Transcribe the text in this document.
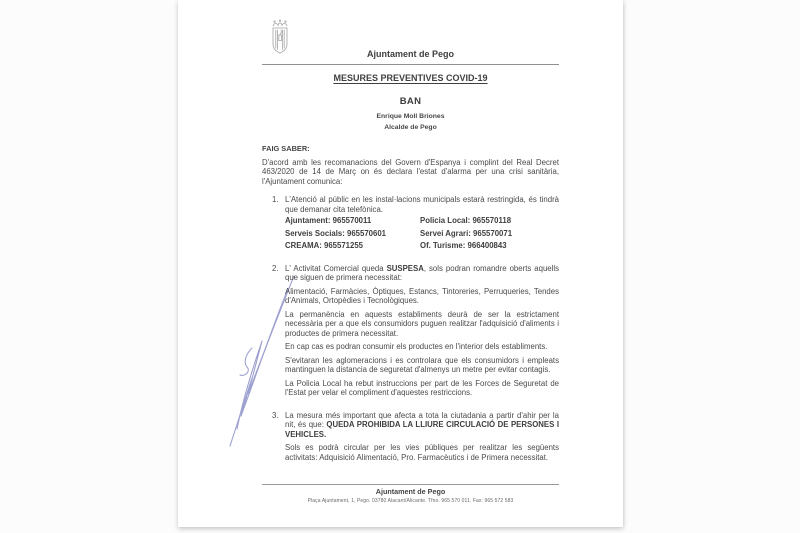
Ajuntament de Pego
MESURES PREVENTIVES COVID-19
BAN
Enrique Moll Briones
Alcalde de Pego
FAIG SABER:
D'acord amb les recomanacions del Govern d'Espanya i complint del Real Decret 463/2020 de 14 de Març on és declara l'estat d'alarma per una crisi sanitària, l'Ajuntament comunica:
1. L'Atenció al públic en les instal·lacions municipals estarà restringida, és tindrà que demanar cita telefònica.

Ajuntament: 965570011	Policia Local: 965570118
Serveis Socials: 965570601	Servei Agrari: 965570071
CREAMA: 965571255	Of. Turisme: 966400843
2. L' Activitat Comercial queda SUSPESA, sols podran romandre oberts aquells que siguen de primera necessitat:

Alimentació, Farmàcies, Òptiques, Estancs, Tintoreries, Perruqueries, Tendes d'Animals, Ortopèdies i Tecnològiques.

La permanència en aquests establiments deurà de ser la estrictament necessària per a que els consumidors puguen realitzar l'adquisició d'aliments i productes de primera necessitat.

En cap cas es podran consumir els productes en l'interior dels establiments.

S'evitaran les aglomeracions i es controlara que els consumidors i empleats mantinguen la distancia de seguretat d'almenys un metre per evitar contagis.

La Policia Local ha rebut instruccions per part de les Forces de Seguretat de l'Estat per velar el compliment d'aquestes restriccions.

3. La mesura més important que afecta a tota la ciutadania a partir d'ahir per la nit, és que: QUEDA PROHIBIDA LA LLIURE CIRCULACIÓ DE PERSONES I VEHICLES.

Sols es podrà circular per les vies públiques per realitzar les següents activitats: Adquisició Alimentació, Pro. Farmacèutics i de Primera necessitat.

Ajuntament de Pego
Plaça Ajuntament, 1, Pego. 03780 Alacant/Alicante. Tfno. 965 570 011. Fax: 965 572 583
